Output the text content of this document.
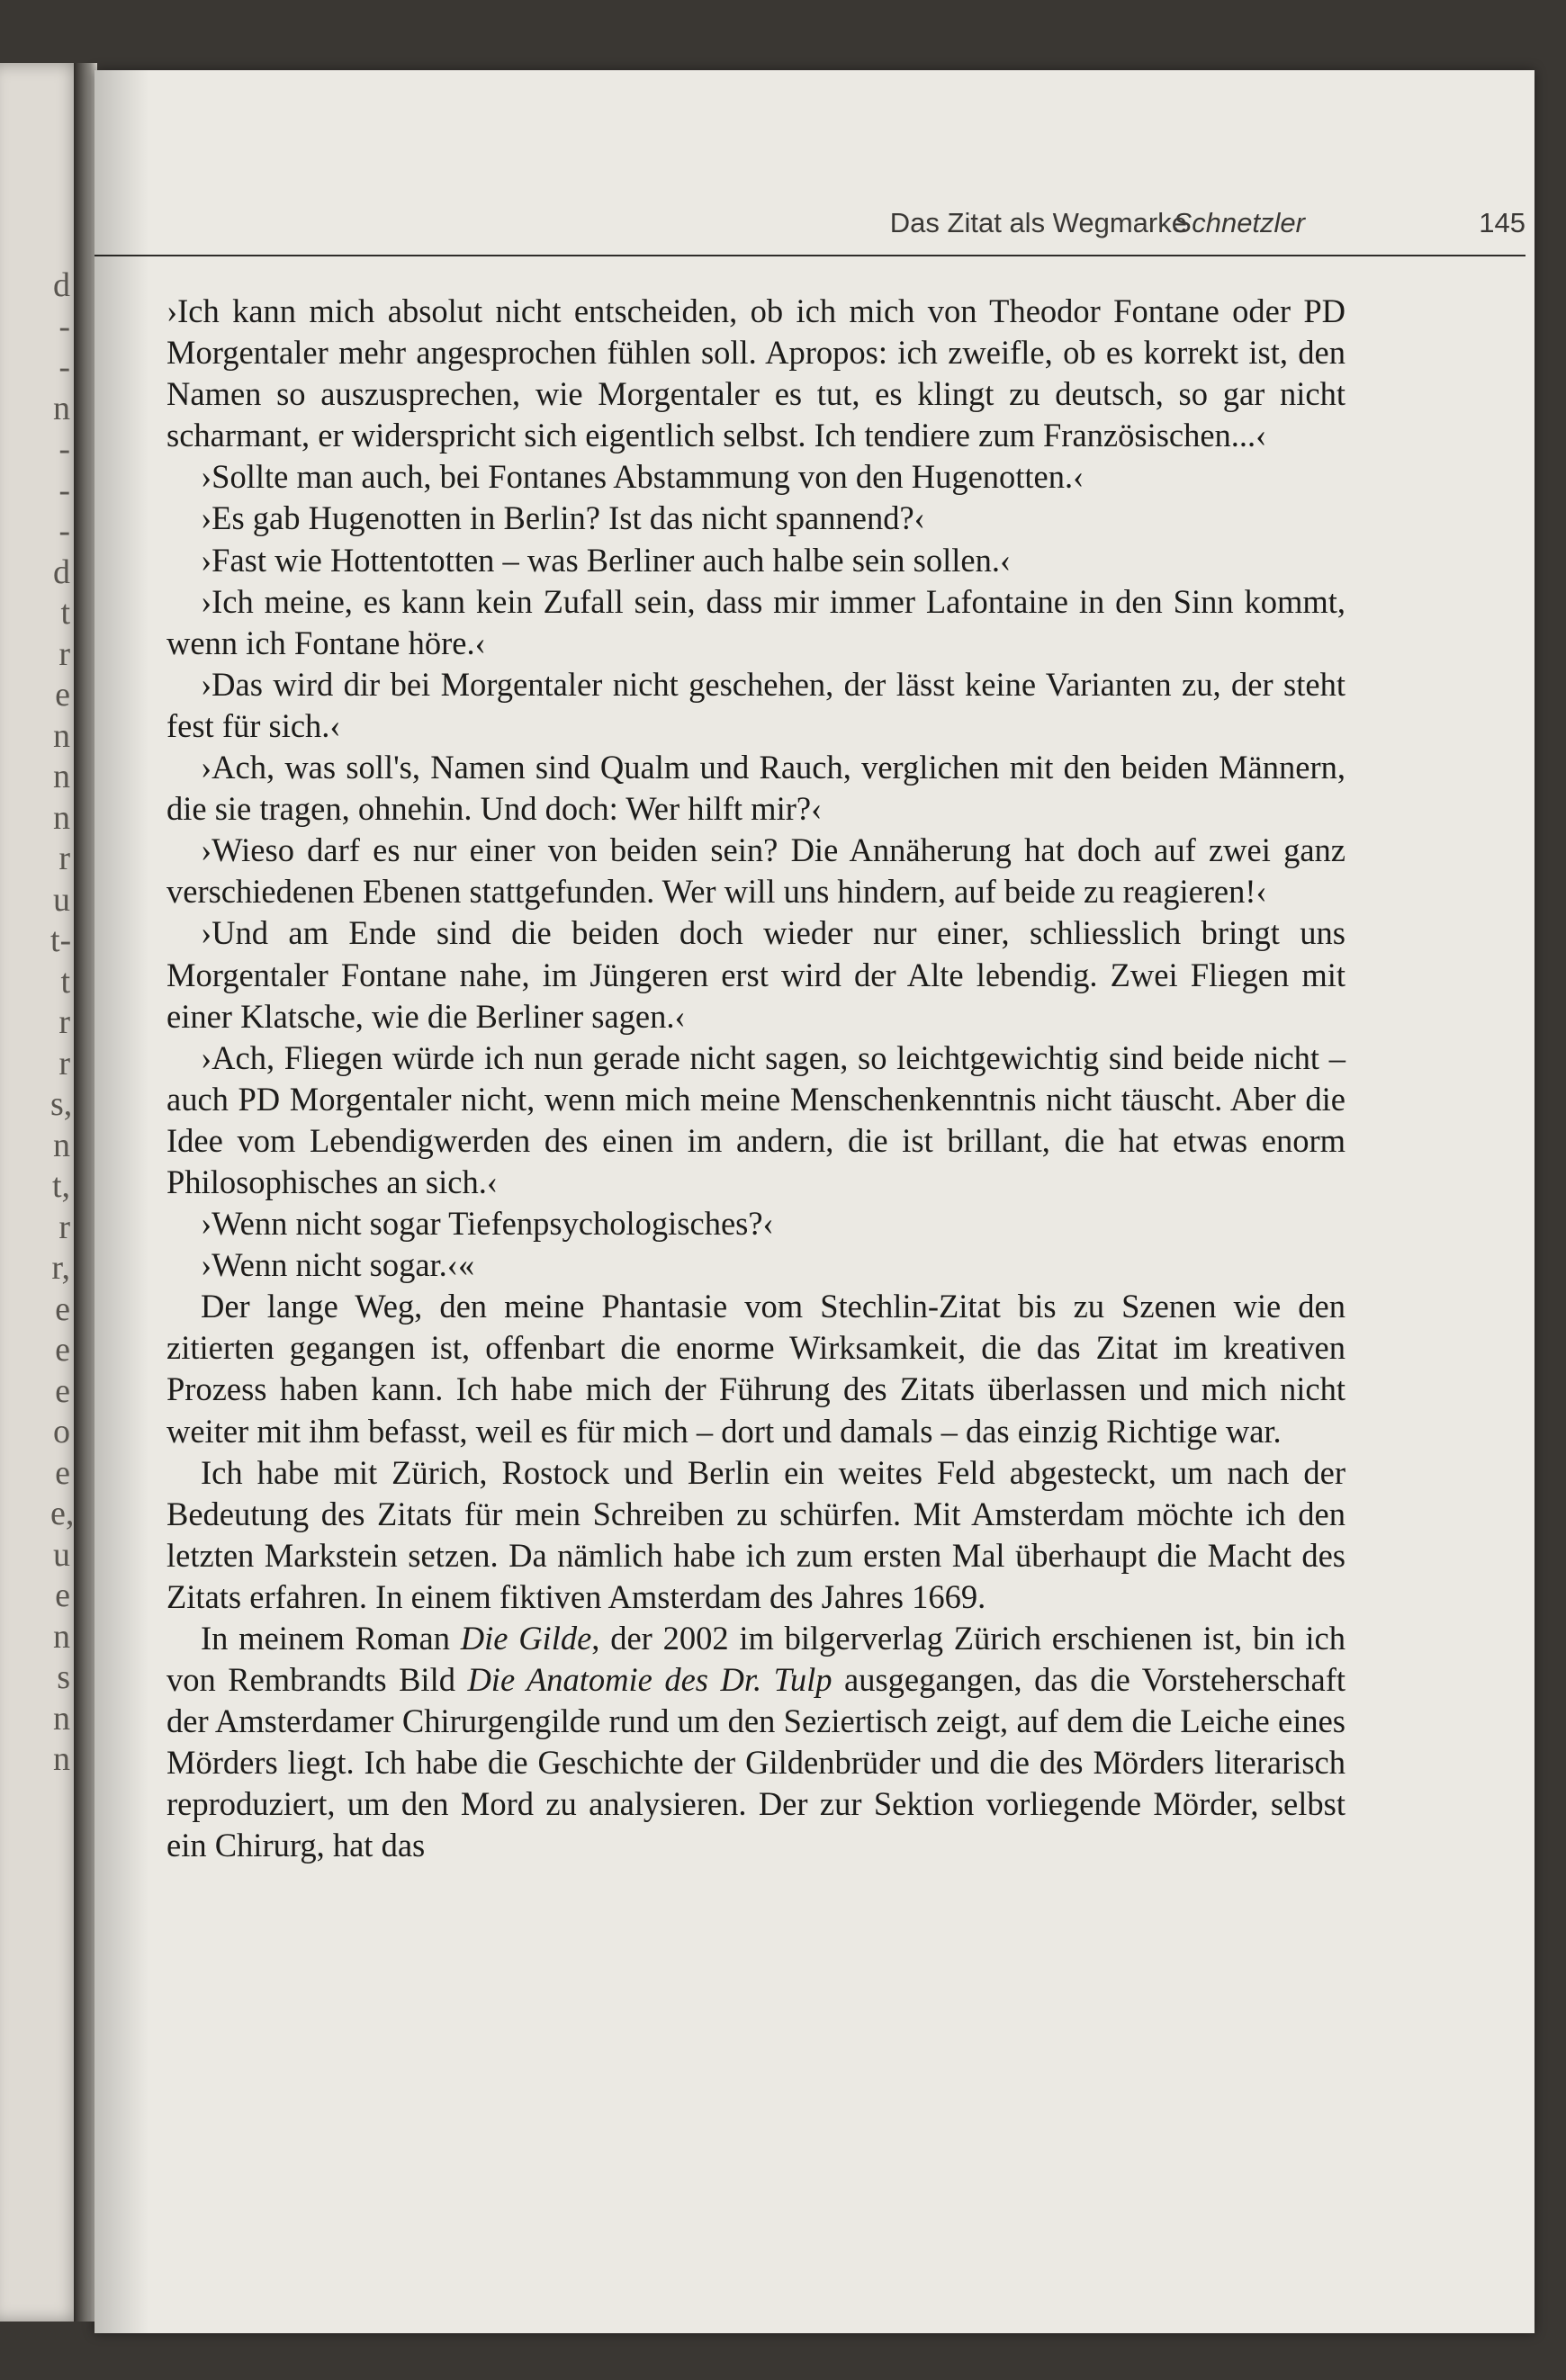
d
-
-
n
-
-
-
d
t
r
e
n
n
n
r
u
t-
t
r
r
s,
n
t,
r
r,
e
e
e
o
e
e,
u
e
n
s
n
n
Das Zitat als Wegmarke
Schnetzler	145

›Ich kann mich absolut nicht entscheiden, ob ich mich von Theodor Fontane oder PD Morgentaler mehr angesprochen fühlen soll. Apropos: ich zweifle, ob es korrekt ist, den Namen so auszusprechen, wie Morgentaler es tut, es klingt zu deutsch, so gar nicht scharmant, er widerspricht sich eigentlich selbst. Ich tendiere zum Französischen...‹

›Sollte man auch, bei Fontanes Abstammung von den Hugenotten.‹

›Es gab Hugenotten in Berlin? Ist das nicht spannend?‹

›Fast wie Hottentotten – was Berliner auch halbe sein sollen.‹

›Ich meine, es kann kein Zufall sein, dass mir immer Lafontaine in den Sinn kommt, wenn ich Fontane höre.‹

›Das wird dir bei Morgentaler nicht geschehen, der lässt keine Varianten zu, der steht fest für sich.‹

›Ach, was soll's, Namen sind Qualm und Rauch, verglichen mit den beiden Männern, die sie tragen, ohnehin. Und doch: Wer hilft mir?‹

›Wieso darf es nur einer von beiden sein? Die Annäherung hat doch auf zwei ganz verschiedenen Ebenen stattgefunden. Wer will uns hindern, auf beide zu reagieren!‹

›Und am Ende sind die beiden doch wieder nur einer, schliesslich bringt uns Morgentaler Fontane nahe, im Jüngeren erst wird der Alte lebendig. Zwei Fliegen mit einer Klatsche, wie die Berliner sagen.‹

›Ach, Fliegen würde ich nun gerade nicht sagen, so leichtgewichtig sind beide nicht – auch PD Morgentaler nicht, wenn mich meine Menschenkenntnis nicht täuscht. Aber die Idee vom Lebendigwerden des einen im andern, die ist brillant, die hat etwas enorm Philosophisches an sich.‹

›Wenn nicht sogar Tiefenpsychologisches?‹

›Wenn nicht sogar.‹«

Der lange Weg, den meine Phantasie vom Stechlin-Zitat bis zu Szenen wie den zitierten gegangen ist, offenbart die enorme Wirksamkeit, die das Zitat im kreativen Prozess haben kann. Ich habe mich der Führung des Zitats überlassen und mich nicht weiter mit ihm befasst, weil es für mich – dort und damals – das einzig Richtige war.

Ich habe mit Zürich, Rostock und Berlin ein weites Feld abgesteckt, um nach der Bedeutung des Zitats für mein Schreiben zu schürfen. Mit Amsterdam möchte ich den letzten Markstein setzen. Da nämlich habe ich zum ersten Mal überhaupt die Macht des Zitats erfahren. In einem fiktiven Amsterdam des Jahres 1669.

In meinem Roman Die Gilde, der 2002 im bilgerverlag Zürich erschienen ist, bin ich von Rembrandts Bild Die Anatomie des Dr. Tulp ausgegangen, das die Vorsteherschaft der Amsterdamer Chirurgengilde rund um den Seziertisch zeigt, auf dem die Leiche eines Mörders liegt. Ich habe die Geschichte der Gildenbrüder und die des Mörders literarisch reproduziert, um den Mord zu analysieren. Der zur Sektion vorliegende Mörder, selbst ein Chirurg, hat das
